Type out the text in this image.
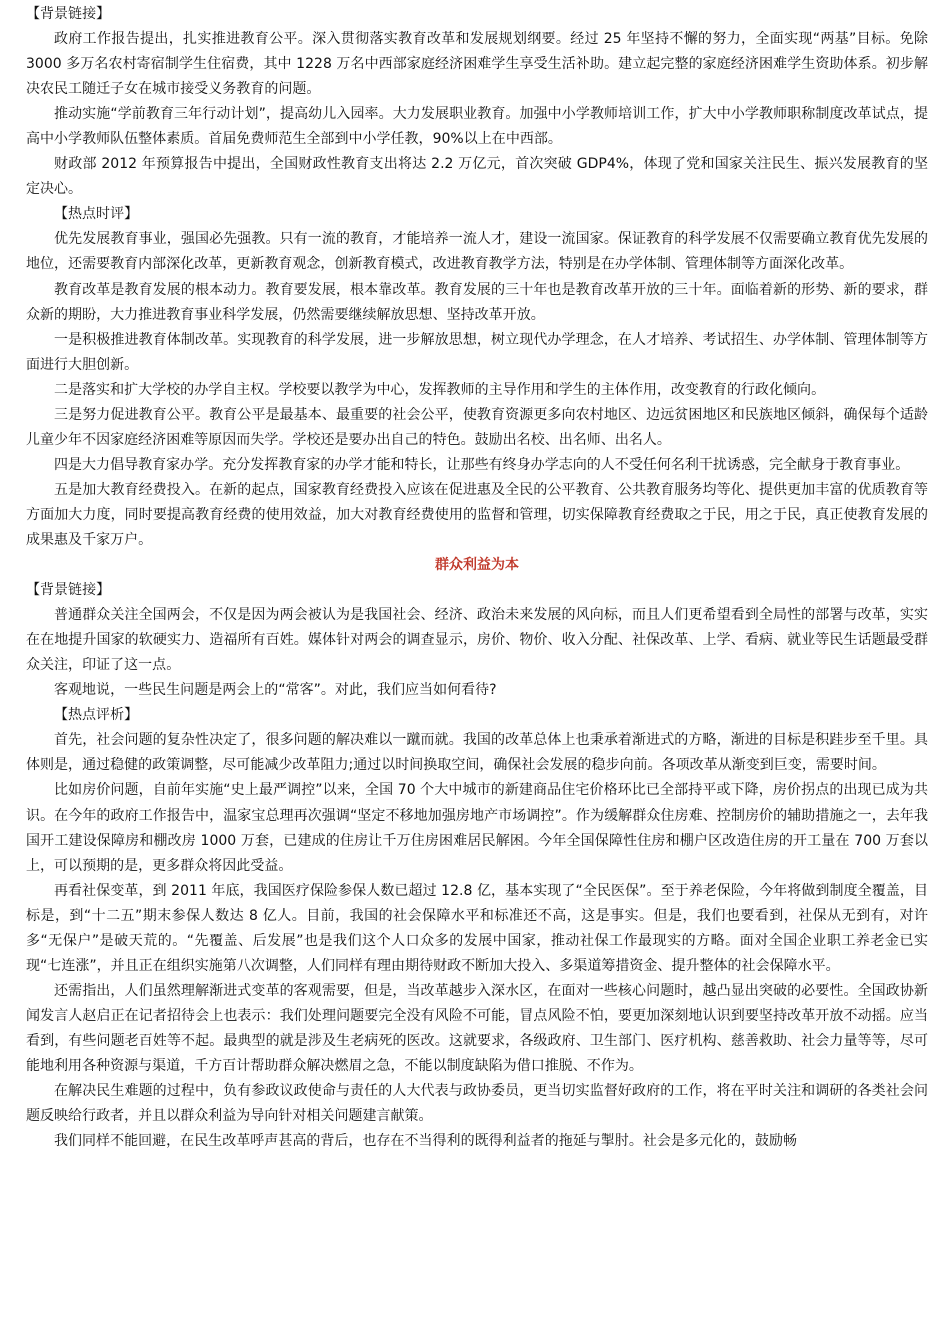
【背景链接】

政府工作报告提出，扎实推进教育公平。深入贯彻落实教育改革和发展规划纲要。经过 25 年坚持不懈的努力，全面实现“两基”目标。免除 3000 多万名农村寄宿制学生住宿费，其中 1228 万名中西部家庭经济困难学生享受生活补助。建立起完整的家庭经济困难学生资助体系。初步解决农民工随迁子女在城市接受义务教育的问题。

推动实施“学前教育三年行动计划”，提高幼儿入园率。大力发展职业教育。加强中小学教师培训工作，扩大中小学教师职称制度改革试点，提高中小学教师队伍整体素质。首届免费师范生全部到中小学任教，90%以上在中西部。

财政部 2012 年预算报告中提出，全国财政性教育支出将达 2.2 万亿元，首次突破 GDP4%，体现了党和国家关注民生、振兴发展教育的坚定决心。

【热点时评】

优先发展教育事业，强国必先强教。只有一流的教育，才能培养一流人才，建设一流国家。保证教育的科学发展不仅需要确立教育优先发展的地位，还需要教育内部深化改革，更新教育观念，创新教育模式，改进教育教学方法，特别是在办学体制、管理体制等方面深化改革。

教育改革是教育发展的根本动力。教育要发展，根本靠改革。教育发展的三十年也是教育改革开放的三十年。面临着新的形势、新的要求，群众新的期盼，大力推进教育事业科学发展，仍然需要继续解放思想、坚持改革开放。

一是积极推进教育体制改革。实现教育的科学发展，进一步解放思想，树立现代办学理念，在人才培养、考试招生、办学体制、管理体制等方面进行大胆创新。

二是落实和扩大学校的办学自主权。学校要以教学为中心，发挥教师的主导作用和学生的主体作用，改变教育的行政化倾向。

三是努力促进教育公平。教育公平是最基本、最重要的社会公平，使教育资源更多向农村地区、边远贫困地区和民族地区倾斜，确保每个适龄儿童少年不因家庭经济困难等原因而失学。学校还是要办出自己的特色。鼓励出名校、出名师、出名人。

四是大力倡导教育家办学。充分发挥教育家的办学才能和特长，让那些有终身办学志向的人不受任何名利干扰诱惑，完全献身于教育事业。

五是加大教育经费投入。在新的起点，国家教育经费投入应该在促进惠及全民的公平教育、公共教育服务均等化、提供更加丰富的优质教育等方面加大力度，同时要提高教育经费的使用效益，加大对教育经费使用的监督和管理，切实保障教育经费取之于民，用之于民，真正使教育发展的成果惠及千家万户。

群众利益为本
【背景链接】

普通群众关注全国两会，不仅是因为两会被认为是我国社会、经济、政治未来发展的风向标，而且人们更希望看到全局性的部署与改革，实实在在地提升国家的软硬实力、造福所有百姓。媒体针对两会的调查显示，房价、物价、收入分配、社保改革、上学、看病、就业等民生话题最受群众关注，印证了这一点。

客观地说，一些民生问题是两会上的“常客”。对此，我们应当如何看待?

【热点评析】

首先，社会问题的复杂性决定了，很多问题的解决难以一蹴而就。我国的改革总体上也秉承着渐进式的方略，渐进的目标是积跬步至千里。具体则是，通过稳健的政策调整，尽可能减少改革阻力;通过以时间换取空间，确保社会发展的稳步向前。各项改革从渐变到巨变，需要时间。

比如房价问题，自前年实施“史上最严调控”以来，全国 70 个大中城市的新建商品住宅价格环比已全部持平或下降，房价拐点的出现已成为共识。在今年的政府工作报告中，温家宝总理再次强调“坚定不移地加强房地产市场调控”。作为缓解群众住房难、控制房价的辅助措施之一，去年我国开工建设保障房和棚改房 1000 万套，已建成的住房让千万住房困难居民解困。今年全国保障性住房和棚户区改造住房的开工量在 700 万套以上，可以预期的是，更多群众将因此受益。

再看社保变革，到 2011 年底，我国医疗保险参保人数已超过 12.8 亿，基本实现了“全民医保”。至于养老保险，今年将做到制度全覆盖，目标是，到“十二五”期末参保人数达 8 亿人。目前，我国的社会保障水平和标准还不高，这是事实。但是，我们也要看到，社保从无到有，对许多“无保户”是破天荒的。“先覆盖、后发展”也是我们这个人口众多的发展中国家，推动社保工作最现实的方略。面对全国企业职工养老金已实现“七连涨”，并且正在组织实施第八次调整，人们同样有理由期待财政不断加大投入、多渠道筹措资金、提升整体的社会保障水平。

还需指出，人们虽然理解渐进式变革的客观需要，但是，当改革越步入深水区，在面对一些核心问题时，越凸显出突破的必要性。全国政协新闻发言人赵启正在记者招待会上也表示：我们处理问题要完全没有风险不可能，冒点风险不怕，要更加深刻地认识到要坚持改革开放不动摇。应当看到，有些问题老百姓等不起。最典型的就是涉及生老病死的医改。这就要求，各级政府、卫生部门、医疗机构、慈善救助、社会力量等等，尽可能地利用各种资源与渠道，千方百计帮助群众解决燃眉之急，不能以制度缺陷为借口推脱、不作为。

在解决民生难题的过程中，负有参政议政使命与责任的人大代表与政协委员，更当切实监督好政府的工作，将在平时关注和调研的各类社会问题反映给行政者，并且以群众利益为导向针对相关问题建言献策。

我们同样不能回避，在民生改革呼声甚高的背后，也存在不当得利的既得利益者的拖延与掣肘。社会是多元化的，鼓励畅
